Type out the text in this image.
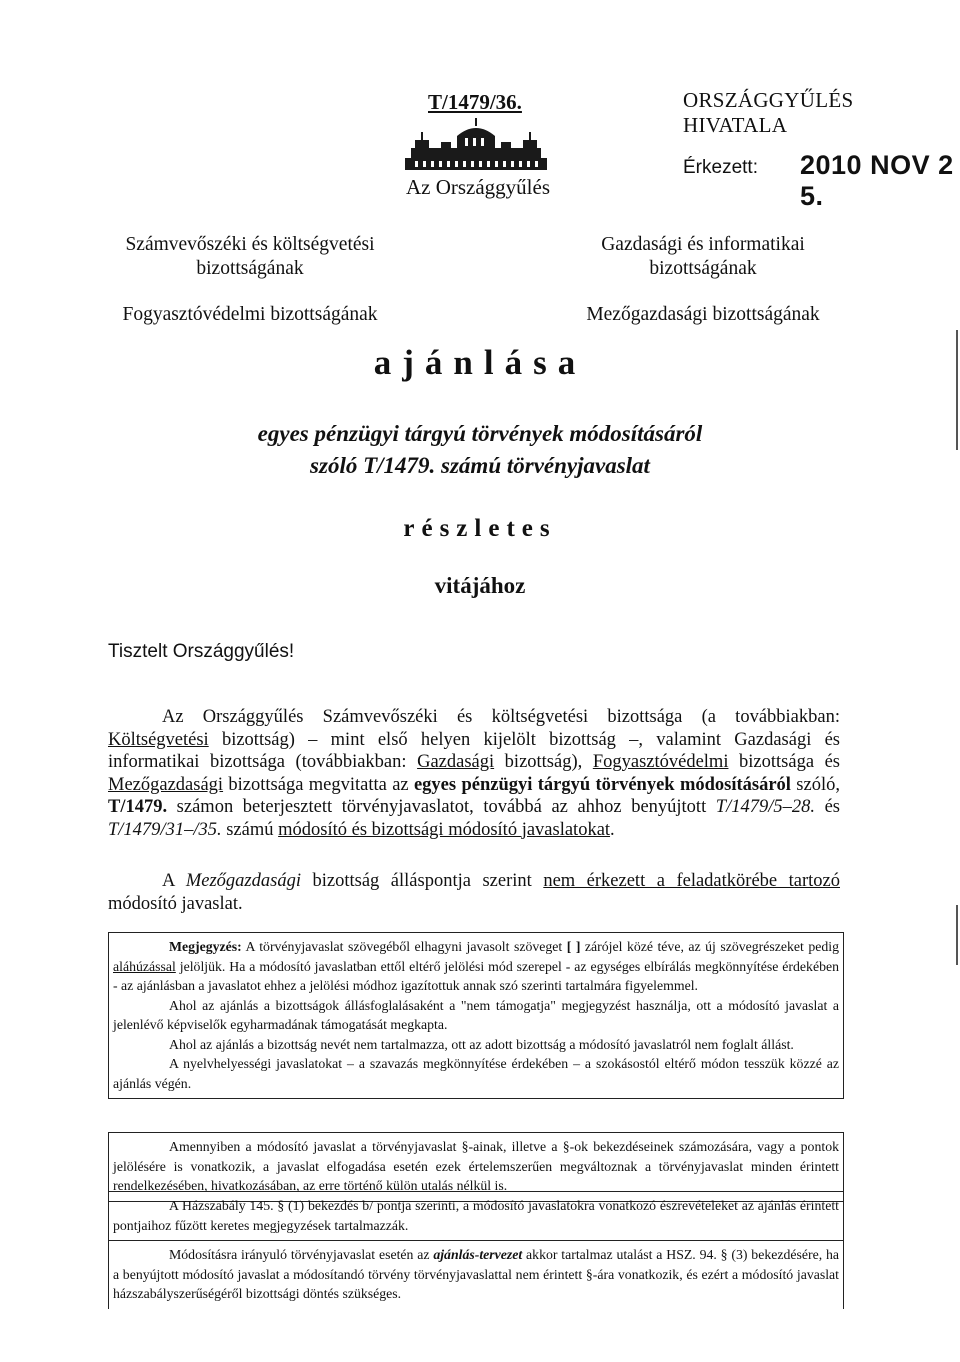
T/1479/36.	ORSZÁGGYŰLÉS HIVATALA
Érkezett: 2010 NOV 2 5.
Az Országgyűlés
Számvevőszéki és költségvetési bizottságának
Gazdasági és informatikai bizottságának
Fogyasztóvédelmi bizottságának	Mezőgazdasági bizottságának
ajánlása
egyes pénzügyi tárgyú törvények módosításáról
szóló T/1479. számú törvényjavaslat
részletes
vitájához
Tisztelt Országgyűlés!
Az Országgyűlés Számvevőszéki és költségvetési bizottsága (a továbbiakban: Költségvetési bizottság) – mint első helyen kijelölt bizottság –, valamint Gazdasági és informatikai bizottsága (továbbiakban: Gazdasági bizottság), Fogyasztóvédelmi bizottsága és Mezőgazdasági bizottsága megvitatta az egyes pénzügyi tárgyú törvények módosításáról szóló, T/1479. számon beterjesztett törvényjavaslatot, továbbá az ahhoz benyújtott T/1479/5–28. és T/1479/31–/35. számú módosító és bizottsági módosító javaslatokat.
A Mezőgazdasági bizottság álláspontja szerint nem érkezett a feladatkörébe tartozó módosító javaslat.

Megjegyzés: A törvényjavaslat szövegéből elhagyni javasolt szöveget [ ] zárójel közé téve, az új szövegrészeket pedig aláhúzással jelöljük. Ha a módosító javaslatban ettől eltérő jelölési mód szerepel - az egységes elbírálás megkönnyítése érdekében - az ajánlásban a javaslatot ehhez a jelölési módhoz igazítottuk annak szó szerinti tartalmára figyelemmel.

Ahol az ajánlás a bizottságok állásfoglalásaként a "nem támogatja" megjegyzést használja, ott a módosító javaslat a jelenlévő képviselők egyharmadának támogatását megkapta.

Ahol az ajánlás a bizottság nevét nem tartalmazza, ott az adott bizottság a módosító javaslatról nem foglalt állást.

A nyelvhelyességi javaslatokat – a szavazás megkönnyítése érdekében – a szokásostól eltérő módon tesszük közzé az ajánlás végén.

Amennyiben a módosító javaslat a törvényjavaslat §-ainak, illetve a §-ok bekezdéseinek számozására, vagy a pontok jelölésére is vonatkozik, a javaslat elfogadása esetén ezek értelemszerűen megváltoznak a törvényjavaslat minden érintett rendelkezésében, hivatkozásában, az erre történő külön utalás nélkül is.

A Házszabály 145. § (1) bekezdés b/ pontja szerinti, a módosító javaslatokra vonatkozó észrevételeket az ajánlás érintett pontjaihoz fűzött keretes megjegyzések tartalmazzák.

Módosításra irányuló törvényjavaslat esetén az ajánlás-tervezet akkor tartalmaz utalást a HSZ. 94. § (3) bekezdésére, ha a benyújtott módosító javaslat a módosítandó törvény törvényjavaslattal nem érintett §-ára vonatkozik, és ezért a módosító javaslat házszabályszerűségéről bizottsági döntés szükséges.
